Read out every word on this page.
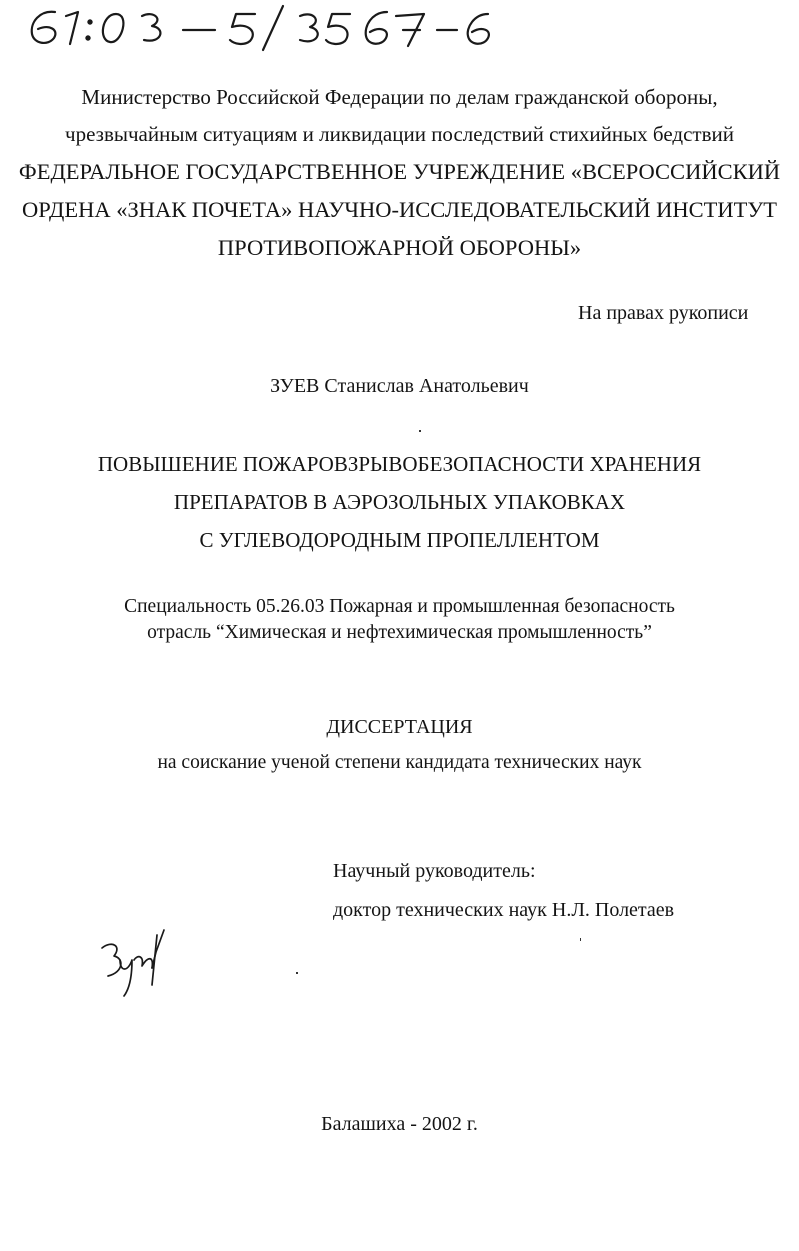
Министерство Российской Федерации по делам гражданской обороны,
чрезвычайным ситуациям и ликвидации последствий стихийных бедствий
ФЕДЕРАЛЬНОЕ ГОСУДАРСТВЕННОЕ УЧРЕЖДЕНИЕ «ВСЕРОССИЙСКИЙ
ОРДЕНА «ЗНАК ПОЧЕТА» НАУЧНО-ИССЛЕДОВАТЕЛЬСКИЙ ИНСТИТУТ
ПРОТИВОПОЖАРНОЙ ОБОРОНЫ»
На правах рукописи
ЗУЕВ Станислав Анатольевич
ПОВЫШЕНИЕ ПОЖАРОВЗРЫВОБЕЗОПАСНОСТИ ХРАНЕНИЯ
ПРЕПАРАТОВ В АЭРОЗОЛЬНЫХ УПАКОВКАХ
С УГЛЕВОДОРОДНЫМ ПРОПЕЛЛЕНТОМ
Специальность 05.26.03 Пожарная и промышленная безопасность
отрасль “Химическая и нефтехимическая промышленность”
ДИССЕРТАЦИЯ
на соискание ученой степени кандидата технических наук
Научный руководитель:
доктор технических наук Н.Л. Полетаев
Балашиха - 2002 г.
